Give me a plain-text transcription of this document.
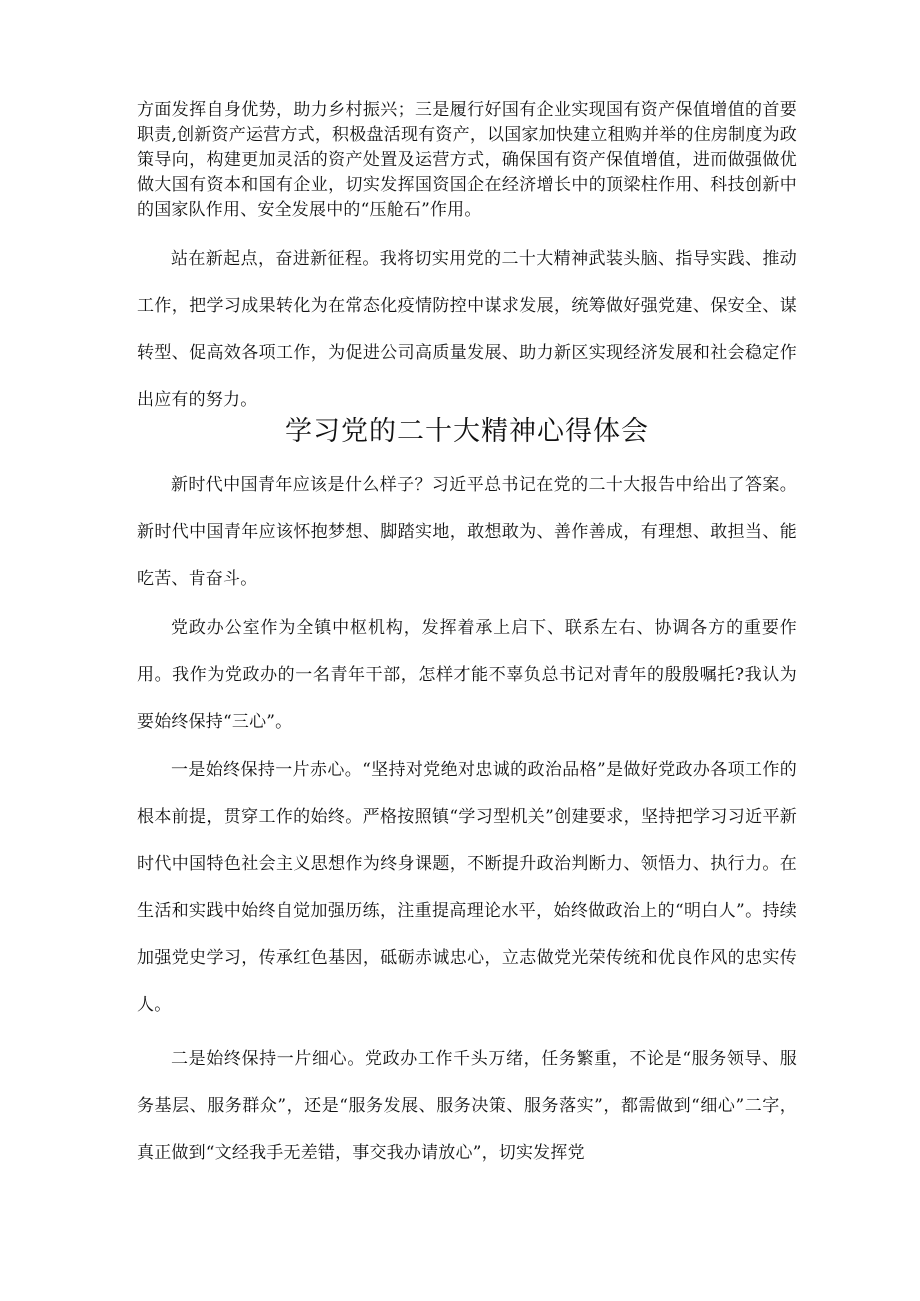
方面发挥自身优势，助力乡村振兴；三是履行好国有企业实现国有资产保值增值的首要职责,创新资产运营方式，积极盘活现有资产，以国家加快建立租购并举的住房制度为政策导向，构建更加灵活的资产处置及运营方式，确保国有资产保值增值，进而做强做优做大国有资本和国有企业，切实发挥国资国企在经济增长中的顶梁柱作用、科技创新中的国家队作用、安全发展中的“压舱石”作用。

站在新起点，奋进新征程。我将切实用党的二十大精神武装头脑、指导实践、推动工作，把学习成果转化为在常态化疫情防控中谋求发展，统筹做好强党建、保安全、谋转型、促高效各项工作，为促进公司高质量发展、助力新区实现经济发展和社会稳定作出应有的努力。

学习党的二十大精神心得体会

新时代中国青年应该是什么样子？习近平总书记在党的二十大报告中给出了答案。新时代中国青年应该怀抱梦想、脚踏实地，敢想敢为、善作善成，有理想、敢担当、能吃苦、肯奋斗。

党政办公室作为全镇中枢机构，发挥着承上启下、联系左右、协调各方的重要作用。我作为党政办的一名青年干部，怎样才能不辜负总书记对青年的殷殷嘱托?我认为要始终保持“三心”。

一是始终保持一片赤心。“坚持对党绝对忠诚的政治品格”是做好党政办各项工作的根本前提，贯穿工作的始终。严格按照镇“学习型机关”创建要求，坚持把学习习近平新时代中国特色社会主义思想作为终身课题，不断提升政治判断力、领悟力、执行力。在生活和实践中始终自觉加强历练，注重提高理论水平，始终做政治上的“明白人”。持续加强党史学习，传承红色基因，砥砺赤诚忠心，立志做党光荣传统和优良作风的忠实传人。

二是始终保持一片细心。党政办工作千头万绪，任务繁重，不论是“服务领导、服务基层、服务群众”，还是“服务发展、服务决策、服务落实”，都需做到“细心”二字，真正做到“文经我手无差错，事交我办请放心”，切实发挥党
